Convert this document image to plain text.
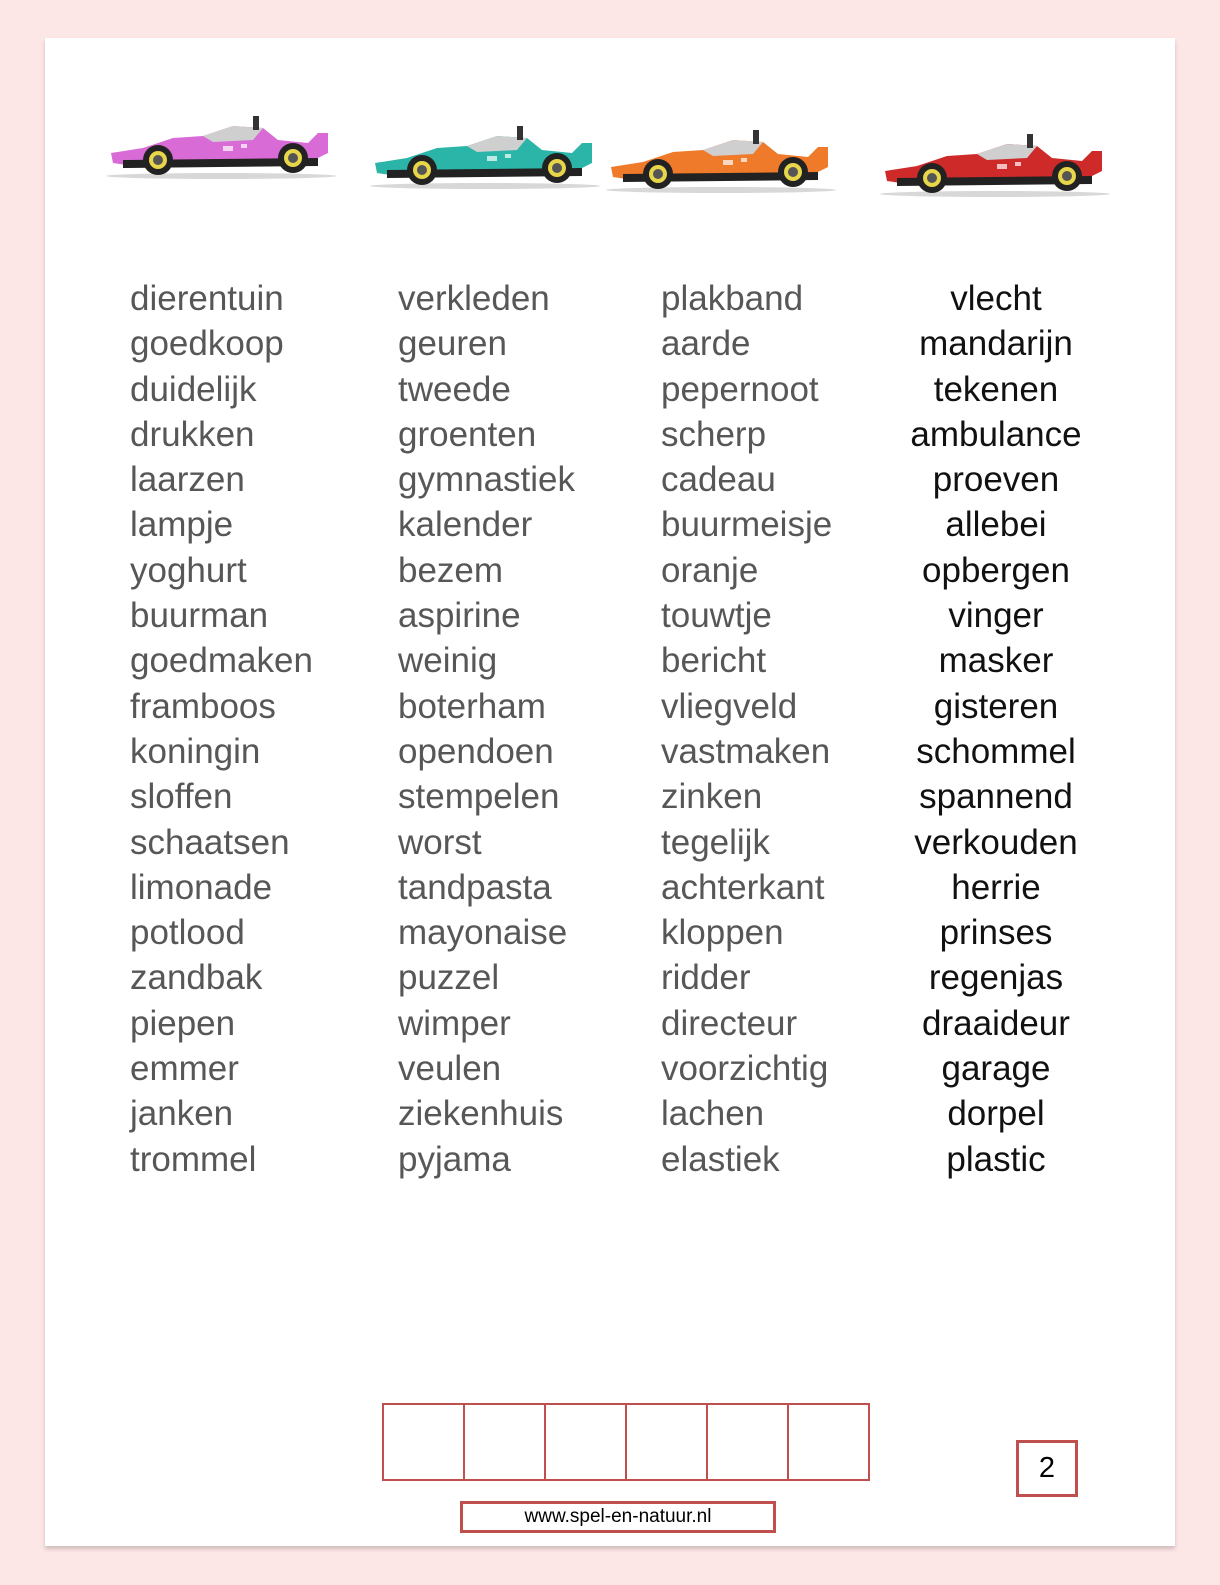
dierentuin
goedkoop
duidelijk
drukken
laarzen
lampje
yoghurt
buurman
goedmaken
framboos
koningin
sloffen
schaatsen
limonade
potlood
zandbak
piepen
emmer
janken
trommel
verkleden
geuren
tweede
groenten
gymnastiek
kalender
bezem
aspirine
weinig
boterham
opendoen
stempelen
worst
tandpasta
mayonaise
puzzel
wimper
veulen
ziekenhuis
pyjama
plakband
aarde
pepernoot
scherp
cadeau
buurmeisje
oranje
touwtje
bericht
vliegveld
vastmaken
zinken
tegelijk
achterkant
kloppen
ridder
directeur
voorzichtig
lachen
elastiek
vlecht
mandarijn
tekenen
ambulance
proeven
allebei
opbergen
vinger
masker
gisteren
schommel
spannend
verkouden
herrie
prinses
regenjas
draaideur
garage
dorpel
plastic
2
www.spel-en-natuur.nl
